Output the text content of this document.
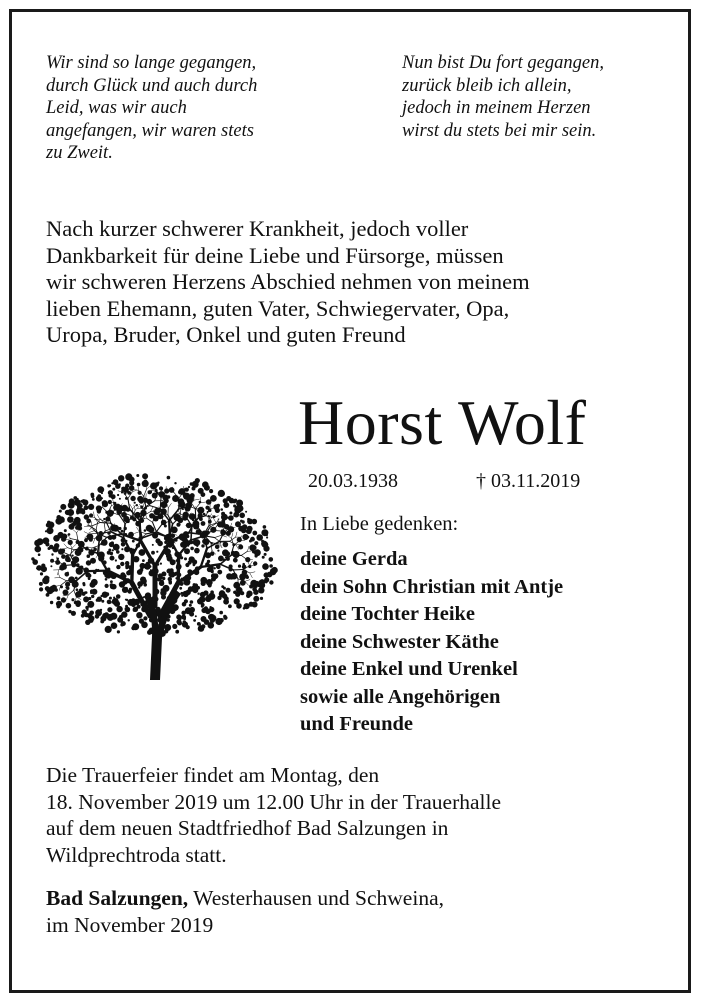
Wir sind so lange gegangen,
durch Glück und auch durch
Leid, was wir auch
angefangen, wir waren stets
zu Zweit.
Nun bist Du fort gegangen,
zurück bleib ich allein,
jedoch in meinem Herzen
wirst du stets bei mir sein.
Nach kurzer schwerer Krankheit, jedoch voller
Dankbarkeit für deine Liebe und Fürsorge, müssen
wir schweren Herzens Abschied nehmen von meinem
lieben Ehemann, guten Vater, Schwiegervater, Opa,
Uropa, Bruder, Onkel und guten Freund
Horst Wolf
20.03.1938	† 03.11.2019
In Liebe gedenken:
deine Gerda
dein Sohn Christian mit Antje
deine Tochter Heike
deine Schwester Käthe
deine Enkel und Urenkel
sowie alle Angehörigen
und Freunde
Die Trauerfeier findet am Montag, den
18. November 2019 um 12.00 Uhr in der Trauerhalle
auf dem neuen Stadtfriedhof Bad Salzungen in
Wildprechtroda statt.
Bad Salzungen, Westerhausen und Schweina,
im November 2019
